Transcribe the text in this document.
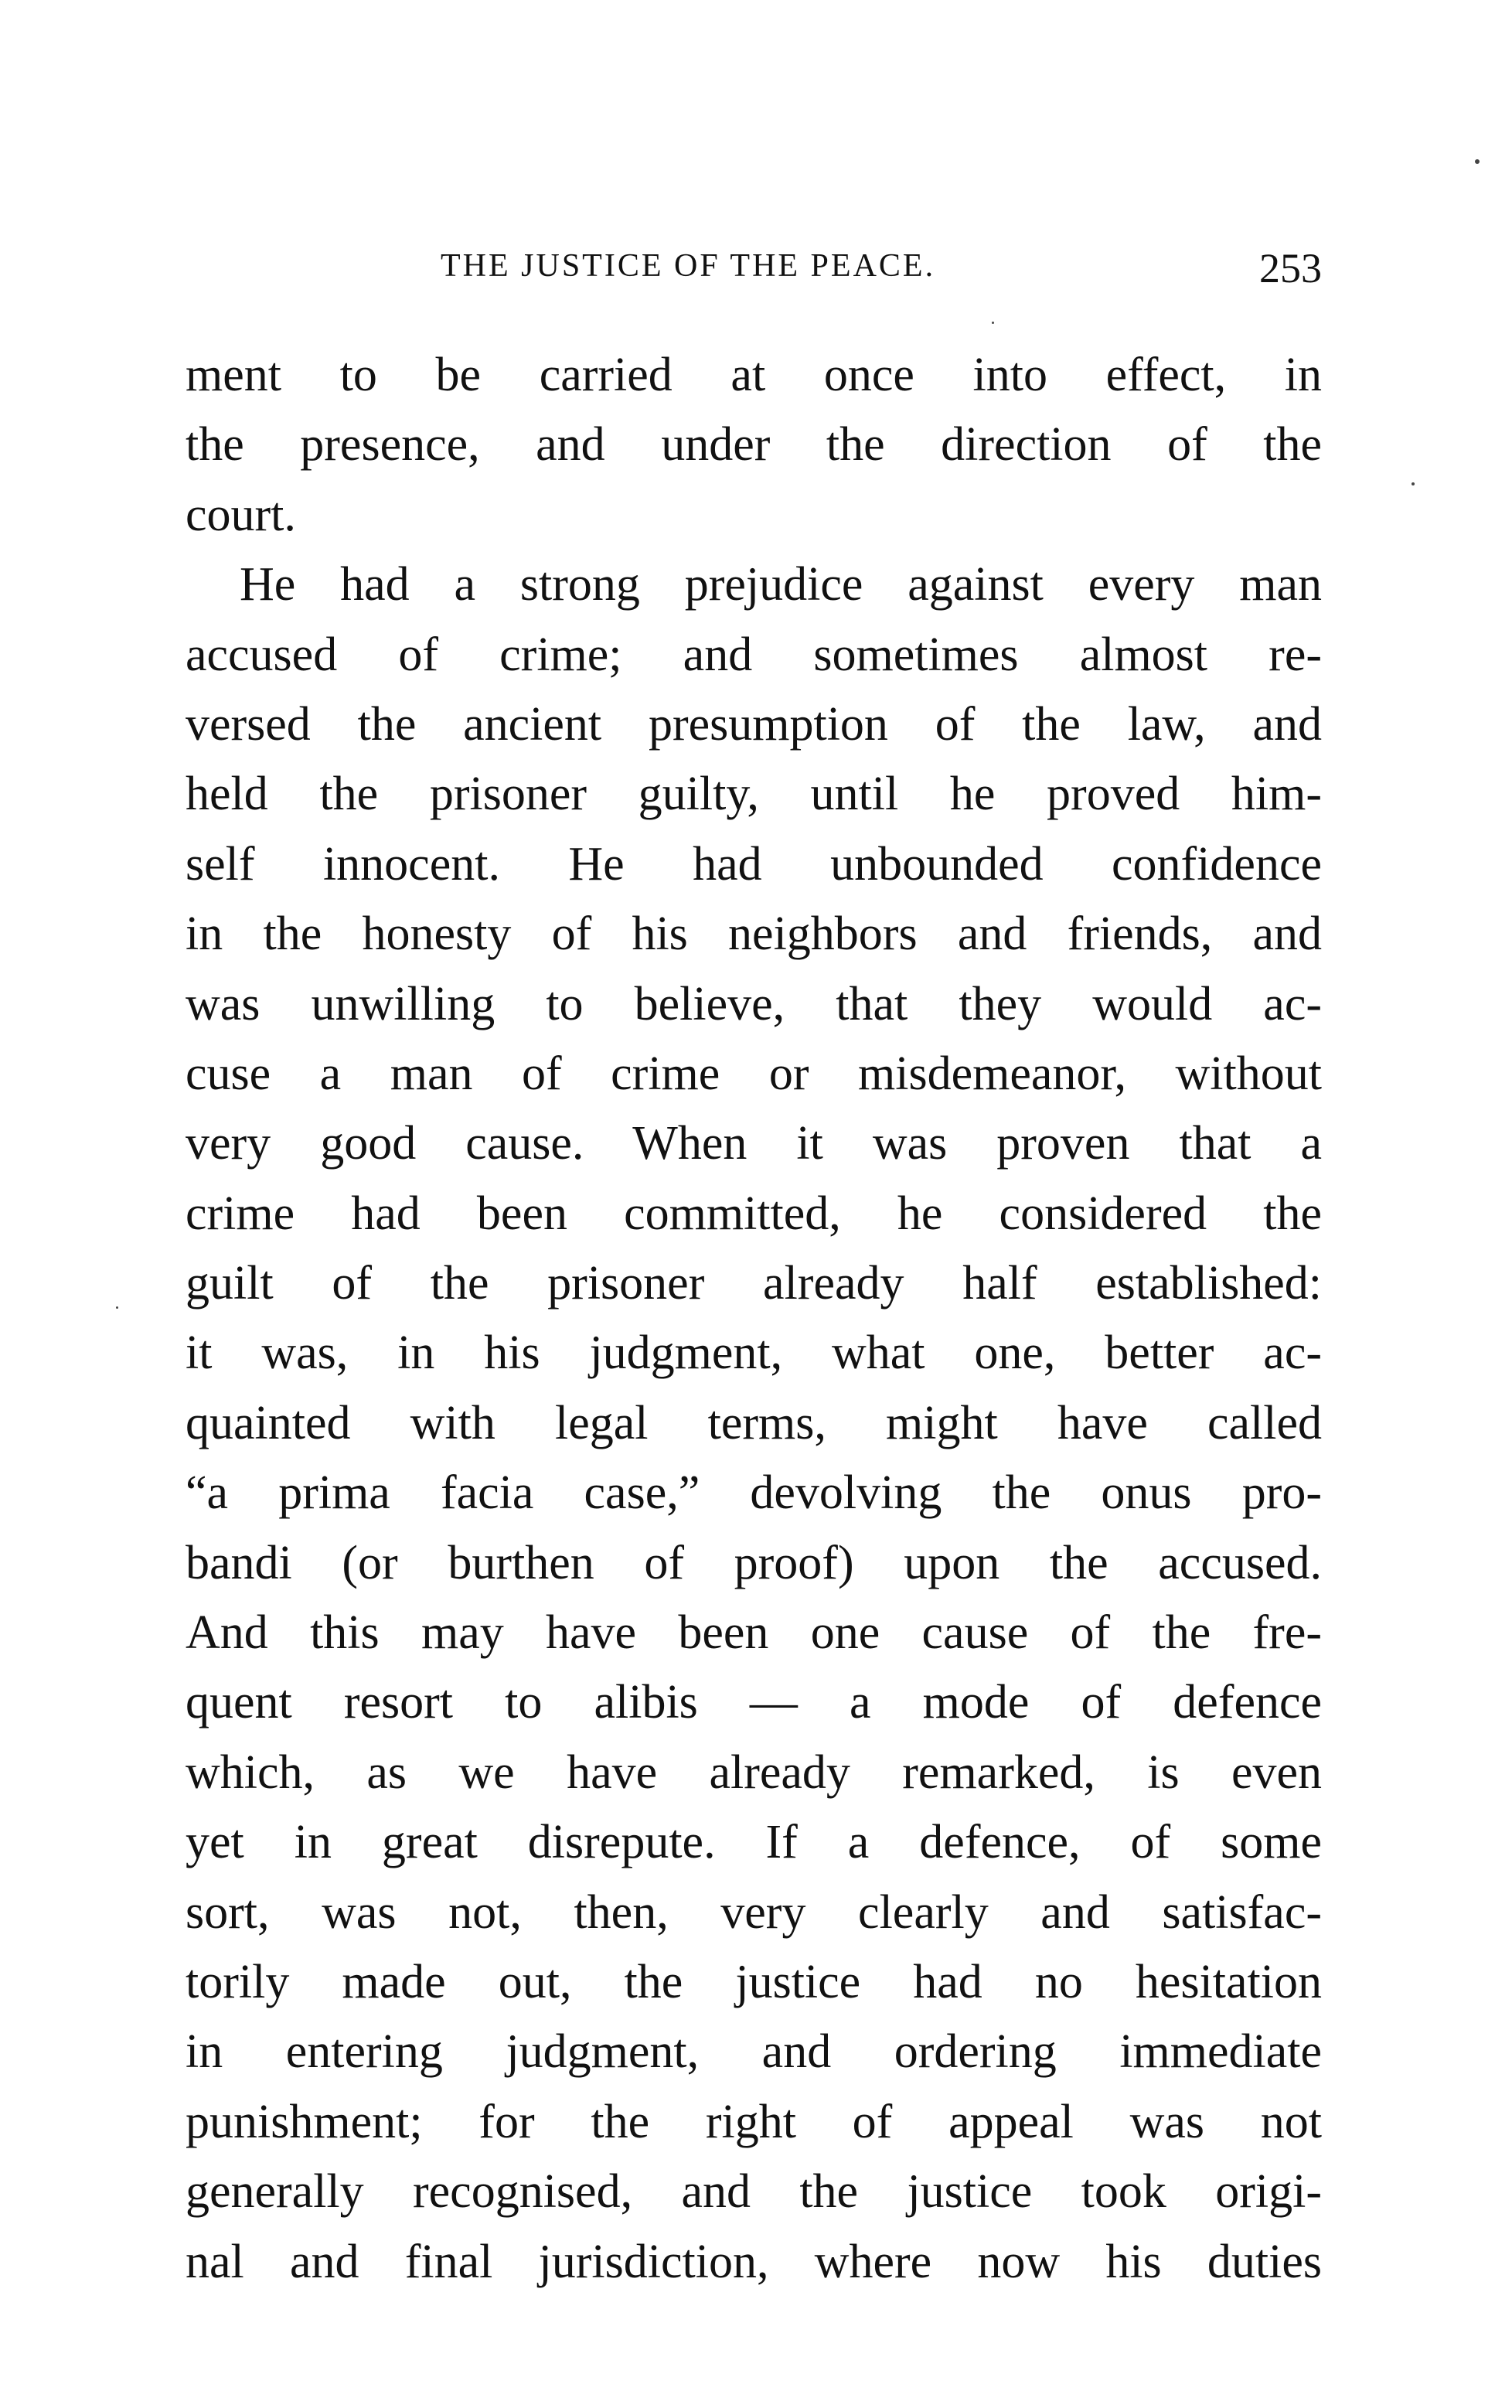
THE JUSTICE OF THE PEACE.	253
ment to be carried at once into effect, in
the presence, and under the direction of the
court.
He had a strong prejudice against every man
accused of crime; and sometimes almost re-
versed the ancient presumption of the law, and
held the prisoner guilty, until he proved him-
self innocent. He had unbounded confidence
in the honesty of his neighbors and friends, and
was unwilling to believe, that they would ac-
cuse a man of crime or misdemeanor, without
very good cause. When it was proven that a
crime had been committed, he considered the
guilt of the prisoner already half established:
it was, in his judgment, what one, better ac-
quainted with legal terms, might have called
“a prima facia case,” devolving the onus pro-
bandi (or burthen of proof) upon the accused.
And this may have been one cause of the fre-
quent resort to alibis — a mode of defence
which, as we have already remarked, is even
yet in great disrepute. If a defence, of some
sort, was not, then, very clearly and satisfac-
torily made out, the justice had no hesitation
in entering judgment, and ordering immediate
punishment; for the right of appeal was not
generally recognised, and the justice took origi-
nal and final jurisdiction, where now his duties
